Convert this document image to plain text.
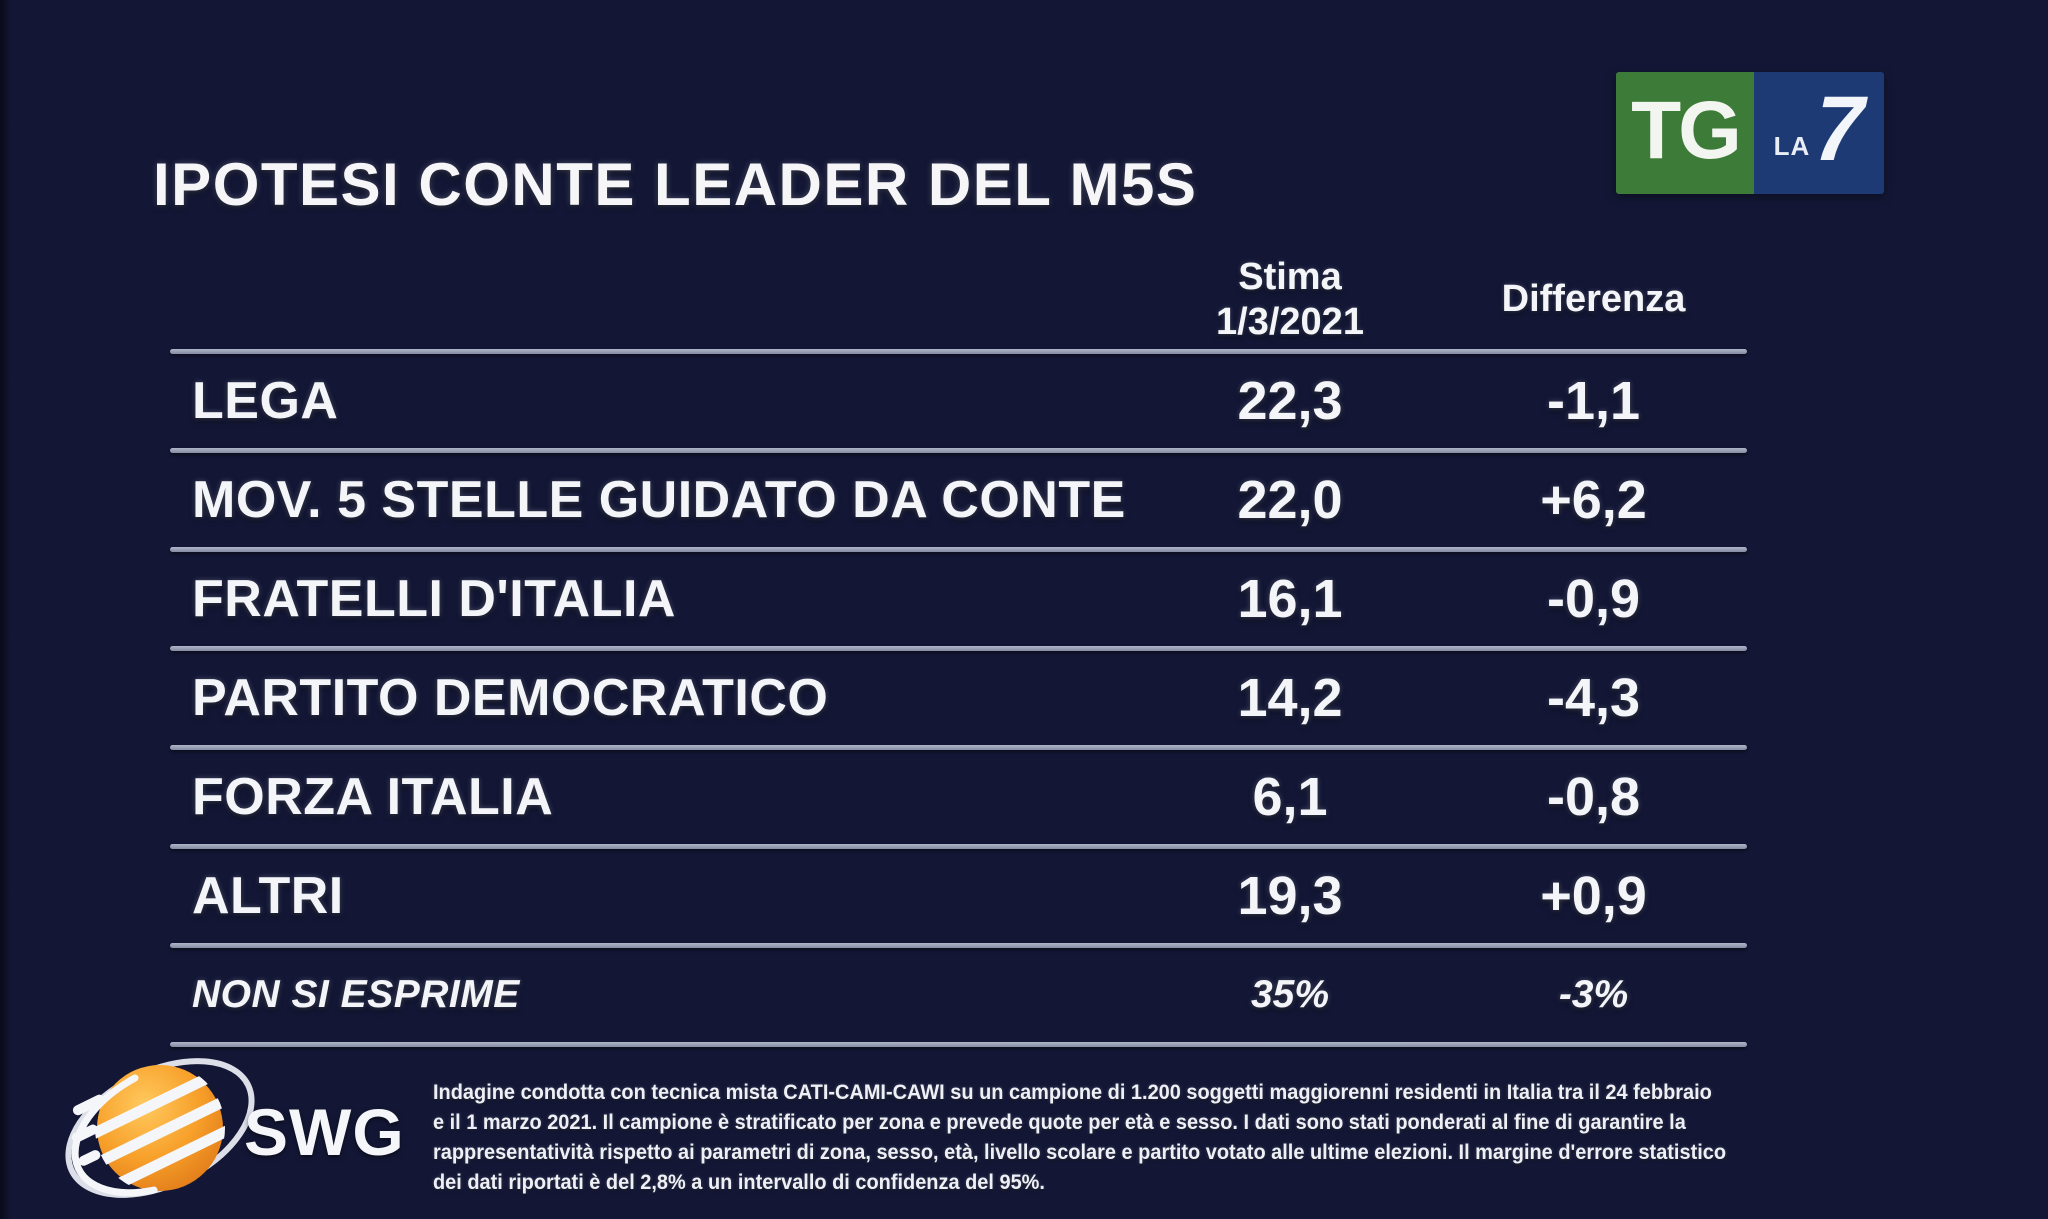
IPOTESI CONTE LEADER DEL M5S
TG LA
7
Stima
1/3/2021
Differenza
LEGA	22,3	-1,1
MOV. 5 STELLE GUIDATO DA CONTE	22,0	+6,2
FRATELLI D'ITALIA	16,1	-0,9
PARTITO DEMOCRATICO	14,2	-4,3
FORZA ITALIA	6,1	-0,8
ALTRI	19,3	+0,9
NON SI ESPRIME	35%	-3%
SWG
Indagine condotta con tecnica mista CATI-CAMI-CAWI su un campione di 1.200 soggetti maggiorenni residenti in Italia tra il 24 febbraio
e il 1 marzo 2021. Il campione è stratificato per zona e prevede quote per età e sesso. I dati sono stati ponderati al fine di garantire la
rappresentatività rispetto ai parametri di zona, sesso, età, livello scolare e partito votato alle ultime elezioni. Il margine d'errore statistico
dei dati riportati è del 2,8% a un intervallo di confidenza del 95%.
